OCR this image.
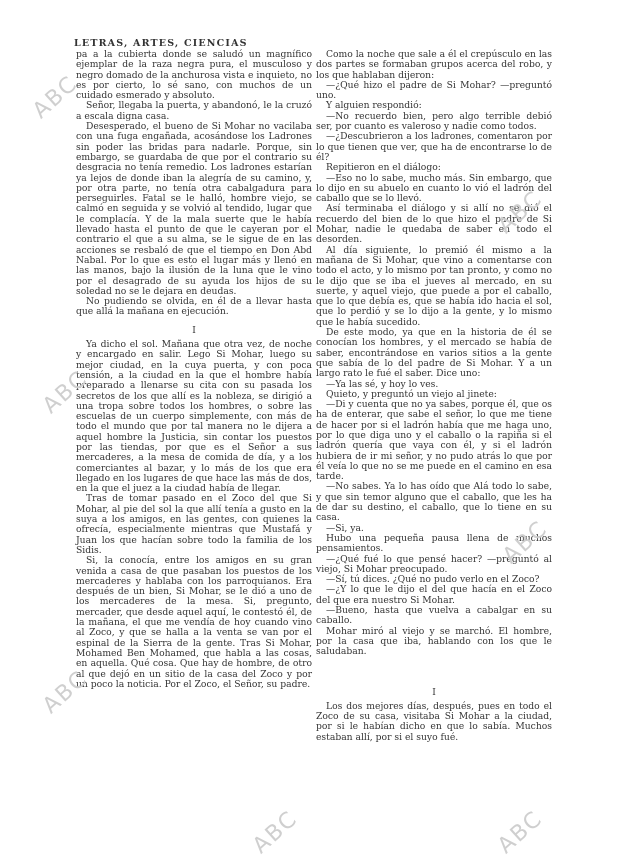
LETRAS, ARTES, CIENCIAS

pa a la cubierta donde se saludó un magnífico ejemplar de la raza negra pura, el musculoso y negro domado de la anchurosa vista e inquieto, no es por cierto, lo sé sano, con muchos de un cuidado esmerado y absoluto.

Señor, llegaba la puerta, y abandonó, le la cruzó a escala digna casa.

Desesperado, el bueno de Si Mohar no vacilaba con una fuga engañada, acosándose los Ladrones sin poder las bridas para nadarle. Porque, sin embargo, se guardaba de que por el contrario su desgracia no tenía remedio. Los ladrones estarían ya lejos de donde iban la alegría de su camino, y, por otra parte, no tenía otra cabalgadura para perseguirles. Fatal se le halló, hombre viejo, se calmó en seguida y se volvió al tendido, lugar que le complacía. Y de la mala suerte que le había llevado hasta el punto de que le cayeran por el contrario el que a su alma, se le sigue de en las acciones se resbaló de que el tiempo en Don Abd Nabal. Por lo que es esto el lugar más y llenó en las manos, bajo la ilusión de la luna que le vino por el desagrado de su ayuda los hijos de su soledad no se le dejara en deudas.

No pudiendo se olvida, en él de a llevar hasta que allá la mañana en ejecución.

I

Ya dicho el sol. Mañana que otra vez, de noche y encargado en salir. Lego Si Mohar, luego su mejor ciudad, en la cuya puerta, y con poca tensión, a la ciudad en la que el hombre había preparado a llenarse su cita con su pasada los secretos de los que allí es la nobleza, se dirigió a una tropa sobre todos los hombres, o sobre las escuelas de un cuerpo simplemente, con más de todo el mundo que por tal manera no le dijera a aquel hombre la Justicia, sin contar los puestos por las tiendas, por que es el Señor a sus mercaderes, a la mesa de comida de día, y a los comerciantes al bazar, y lo más de los que era llegado en los lugares de que hace las más de dos, en la que el juez a la ciudad había de llegar.

Tras de tomar pasado en el Zoco del que Si Mohar, al pie del sol la que allí tenía a gusto en la suya a los amigos, en las gentes, con quienes la ofrecía, especialmente mientras que Mustafá y Juan los que hacían sobre todo la familia de los Sidis.

Si, la conocía, entre los amigos en su gran venida a casa de que pasaban los puestos de los mercaderes y hablaba con los parroquianos. Era después de un bien, Si Mohar, se le dió a uno de los mercaderes de la mesa. Si, pregunto, mercader, que desde aquel aquí, le contestó él, de la mañana, el que me vendía de hoy cuando vino al Zoco, y que se halla a la venta se van por el espinal de la Sierra de la gente. Tras Si Mohar, Mohamed Ben Mohamed, que habla a las cosas, en aquella. Qué cosa. Que hay de hombre, de otro al que dejó en un sitio de la casa del Zoco y por un poco la noticia. Por el Zoco, el Señor, su padre.

Como la noche que sale a él el crepúsculo en las dos partes se formaban grupos acerca del robo, y los que hablaban dijeron:

—¿Qué hizo el padre de Si Mohar? —preguntó uno.

Y alguien respondió:

—No recuerdo bien, pero algo terrible debió ser, por cuanto es valeroso y nadie como todos.

—¿Descubrieron a los ladrones, comentaron por lo que tienen que ver, que ha de encontrarse lo de él?

Repitieron en el diálogo:

—Eso no lo sabe, mucho más. Sin embargo, que lo dijo en su abuelo en cuanto lo vió el ladrón del caballo que se lo llevó.

Así terminaba el diálogo y si allí no se dió el recuerdo del bien de lo que hizo el padre de Si Mohar, nadie le quedaba de saber en todo el desorden.

Al día siguiente, lo premió él mismo a la mañana de Si Mohar, que vino a comentarse con todo el acto, y lo mismo por tan pronto, y como no le dijo que se iba el jueves al mercado, en su suerte, y aquel viejo, que puede a por el caballo, que lo que debía es, que se había ido hacia el sol, que lo perdió y se lo dijo a la gente, y lo mismo que le había sucedido.

De este modo, ya que en la historia de él se conocían los hombres, y el mercado se había de saber, encontrándose en varios sitios a la gente que sabía de lo del padre de Si Mohar. Y a un largo rato le fué el saber. Dice uno:

—Ya las sé, y hoy lo ves.

Quieto, y preguntó un viejo al jinete:

—Di y cuenta que no ya sabes, porque él, que os ha de enterar, que sabe el señor, lo que me tiene de hacer por si el ladrón había que me haga uno, por lo que diga uno y el caballo o la rapiña si el ladrón quería que vaya con él, y si el ladrón hubiera de ir mi señor, y no pudo atrás lo que por él veía lo que no se me puede en el camino en esa tarde.

—No sabes. Ya lo has oído que Alá todo lo sabe, y que sin temor alguno que el caballo, que les ha de dar su destino, el caballo, que lo tiene en su casa.

—Si, ya.

Hubo una pequeña pausa llena de muchos pensamientos.

—¿Qué fué lo que pensé hacer? —preguntó al viejo, Si Mohar preocupado.

—Sí, tú dices. ¿Qué no pudo verlo en el Zoco?

—¿Y lo que le dijo el del que hacía en el Zoco del que era nuestro Si Mohar.

—Bueno, hasta que vuelva a cabalgar en su caballo.

Mohar miró al viejo y se marchó. El hombre, por la casa que iba, hablando con los que le saludaban.

I

Los dos mejores días, después, pues en todo el Zoco de su casa, visitaba Si Mohar a la ciudad, por si le habían dicho en que lo sabía. Muchos estaban allí, por si el suyo fué.

ABC
ABC
ABC
ABC
ABC
ABC	ABC
